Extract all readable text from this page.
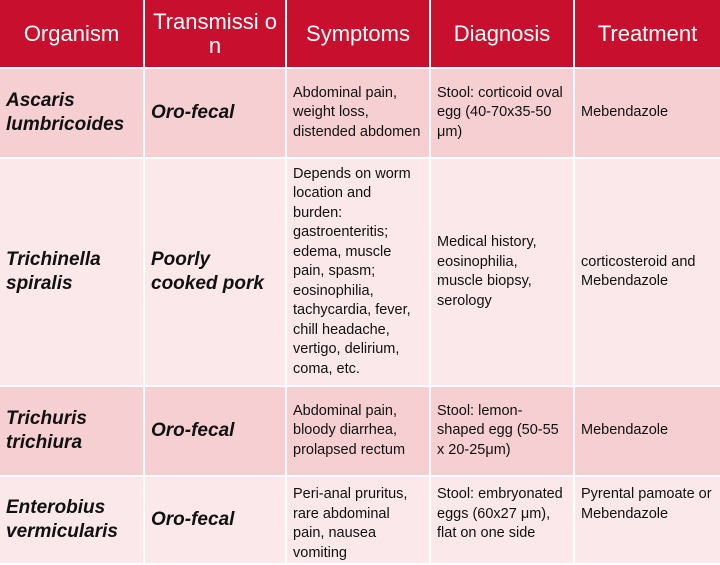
Organism	Transmissi on	Symptoms	Diagnosis	Treatment

Ascaris lumbricoides	Oro-fecal	Abdominal pain, weight loss, distended abdomen	Stool: corticoid oval egg (40-70x35-50 μm)	Mebendazole

Trichinella spiralis	Poorly cooked pork	Depends on worm location and burden: gastroenteritis; edema, muscle pain, spasm; eosinophilia, tachycardia, fever, chill headache, vertigo, delirium, coma, etc.	Medical history, eosinophilia, muscle biopsy, serology	corticosteroid and Mebendazole

Trichuris trichiura	Oro-fecal	Abdominal pain, bloody diarrhea, prolapsed rectum	Stool: lemon-shaped egg (50-55 x 20-25μm)	Mebendazole

Enterobius vermicularis	Oro-fecal	Peri-anal pruritus, rare abdominal pain, nausea vomiting	Stool: embryonated eggs (60x27 μm), flat on one side	Pyrental pamoate or Mebendazole
